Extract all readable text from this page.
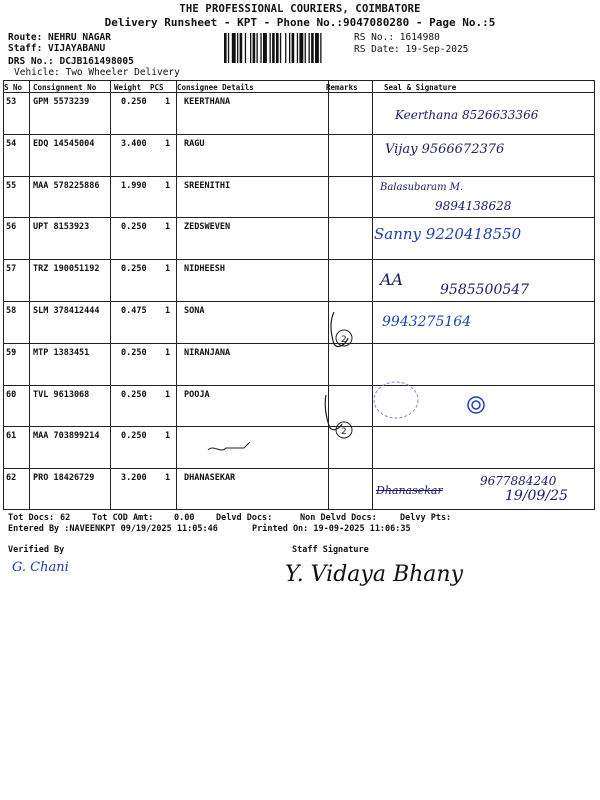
THE PROFESSIONAL COURIERS, COIMBATORE
Delivery Runsheet - KPT - Phone No.:9047080280 - Page No.:5
Route: NEHRU NAGAR
Staff: VIJAYABANU
DRS No.: DCJB161498005
Vehicle: Two Wheeler Delivery
RS No.: 1614980
RS Date: 19-Sep-2025
S No Consignment No Weight PCS Consignee Details	Remarks	Seal & Signature
53 GPM 5573239	0.250 1 KEERTHANA
54 EDQ 14545004	3.400 1 RAGU
55 MAA 578225886	1.990 1 SREENITHI
56 UPT 8153923	0.250 1 ZEDSWEVEN
57 TRZ 190051192	0.250 1 NIDHEESH
58 SLM 378412444	0.475 1 SONA
59 MTP 1383451	0.250 1 NIRANJANA
60 TVL 9613068	0.250 1 POOJA
61 MAA 703899214	0.250 1
62 PRO 18426729	3.200 1 DHANASEKAR
2
2
Keerthana 8526633366
Vijay 9566672376
Balasubaram M.
9894138628
Sanny 9220418550
AA
9585500547
9943275164
Dhanasekar
9677884240
19/09/25
Tot Docs: 62	Tot COD Amt: 0.00	Delvd Docs:	Non Delvd Docs:	Delvy Pts:
Entered By :NAVEENKPT 09/19/2025 11:05:46	Printed On: 19-09-2025 11:06:35
Verified By	Staff Signature
G. Chani	Y. Vidaya Bhany
